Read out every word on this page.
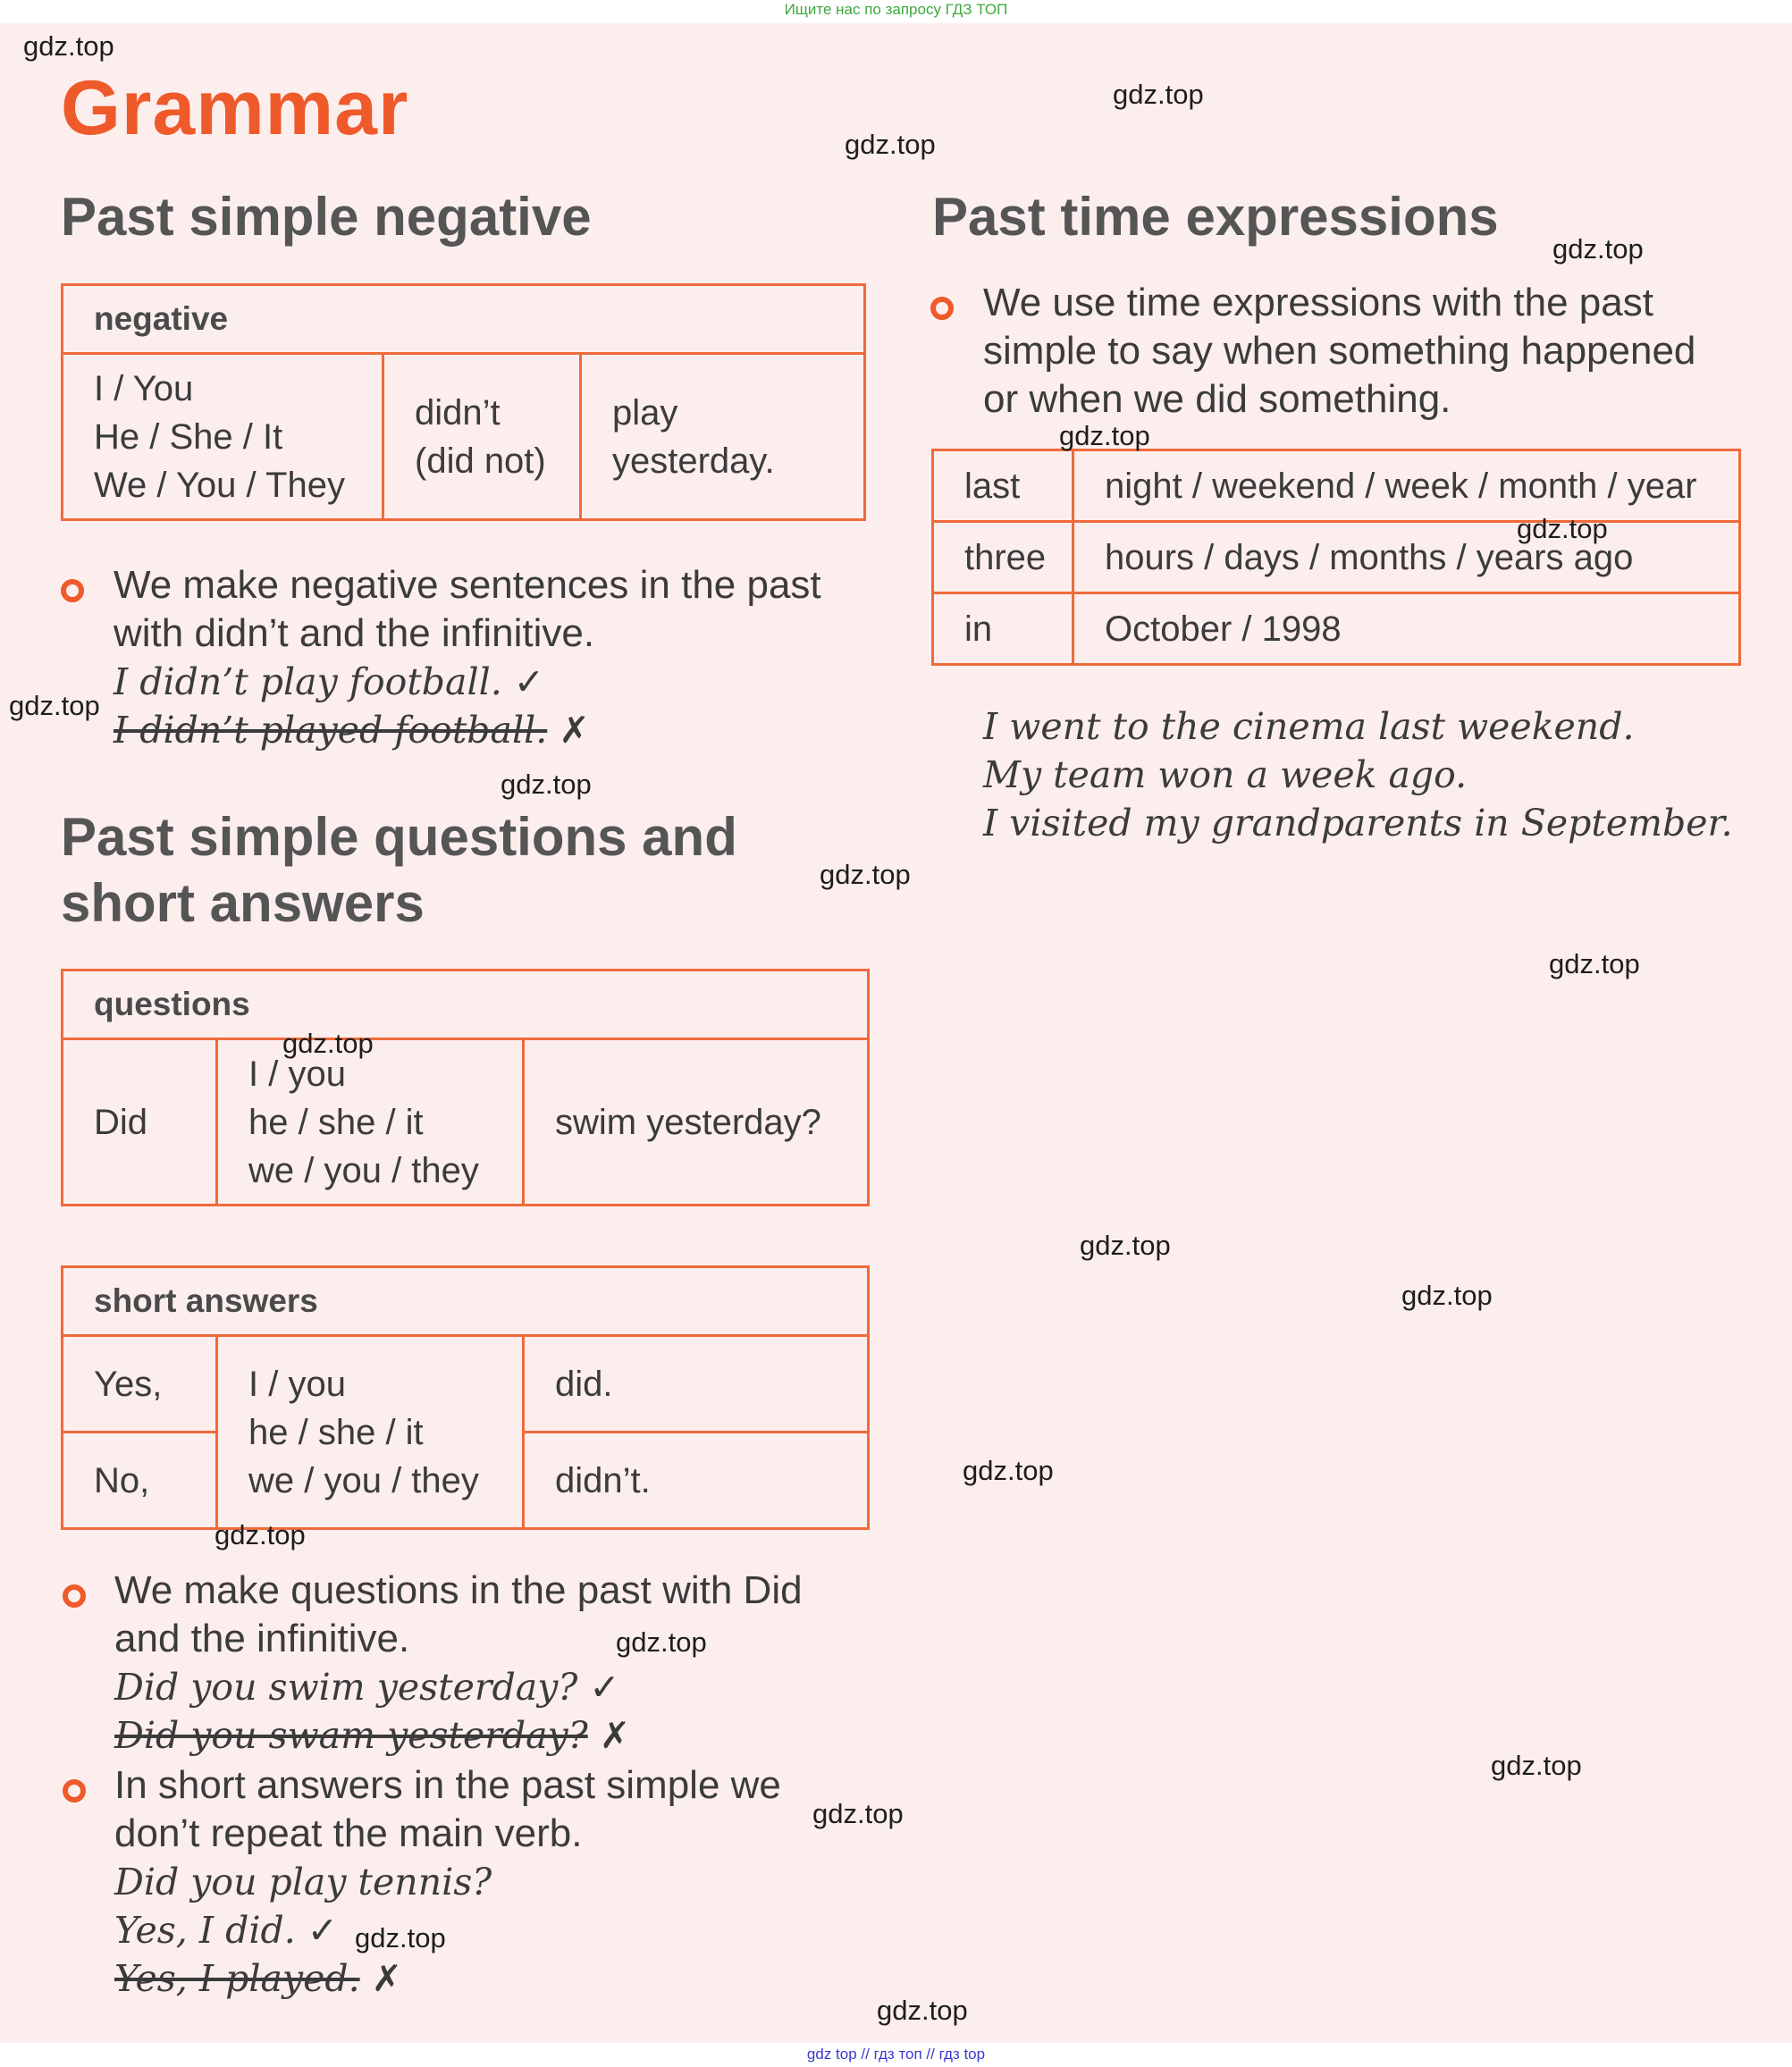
Ищите нас по запросу ГДЗ ТОП
Grammar
Past simple negative
negative

I / You
He / She / It
We / You / They

didn’t
(did not)

play
yesterday.
We make negative sentences in the past
with didn’t and the infinitive.
I didn’t play football. ✓
I didn’t played football. ✗
Past simple questions and
short answers
questions
Did	
I / you
he / she / it
we / you / they
	swim yesterday?
short answers		
Yes,	I / you
he / she / it
we / you / they	did.
No,		didn’t.
We make questions in the past with Did
and the infinitive.
Did you swim yesterday? ✓
Did you swam yesterday? ✗
In short answers in the past simple we
don’t repeat the main verb.
Did you play tennis?
Yes, I did. ✓
Yes, I played. ✗
Past time expressions
We use time expressions with the past
simple to say when something happened
or when we did something.
last	night / weekend / week / month / year
three	hours / days / months / years ago
in	October / 1998
I went to the cinema last weekend.
My team won a week ago.
I visited my grandparents in September.
gdz.top
gdz.top
gdz.top
gdz.top
gdz.top
gdz.top
gdz.top
gdz.top
gdz.top
gdz.top
gdz.top
gdz.top
gdz.top
gdz.top
gdz.top
gdz.top
gdz.top
gdz.top
gdz.top
gdz.top
gdz top // гдз топ // гдз top
